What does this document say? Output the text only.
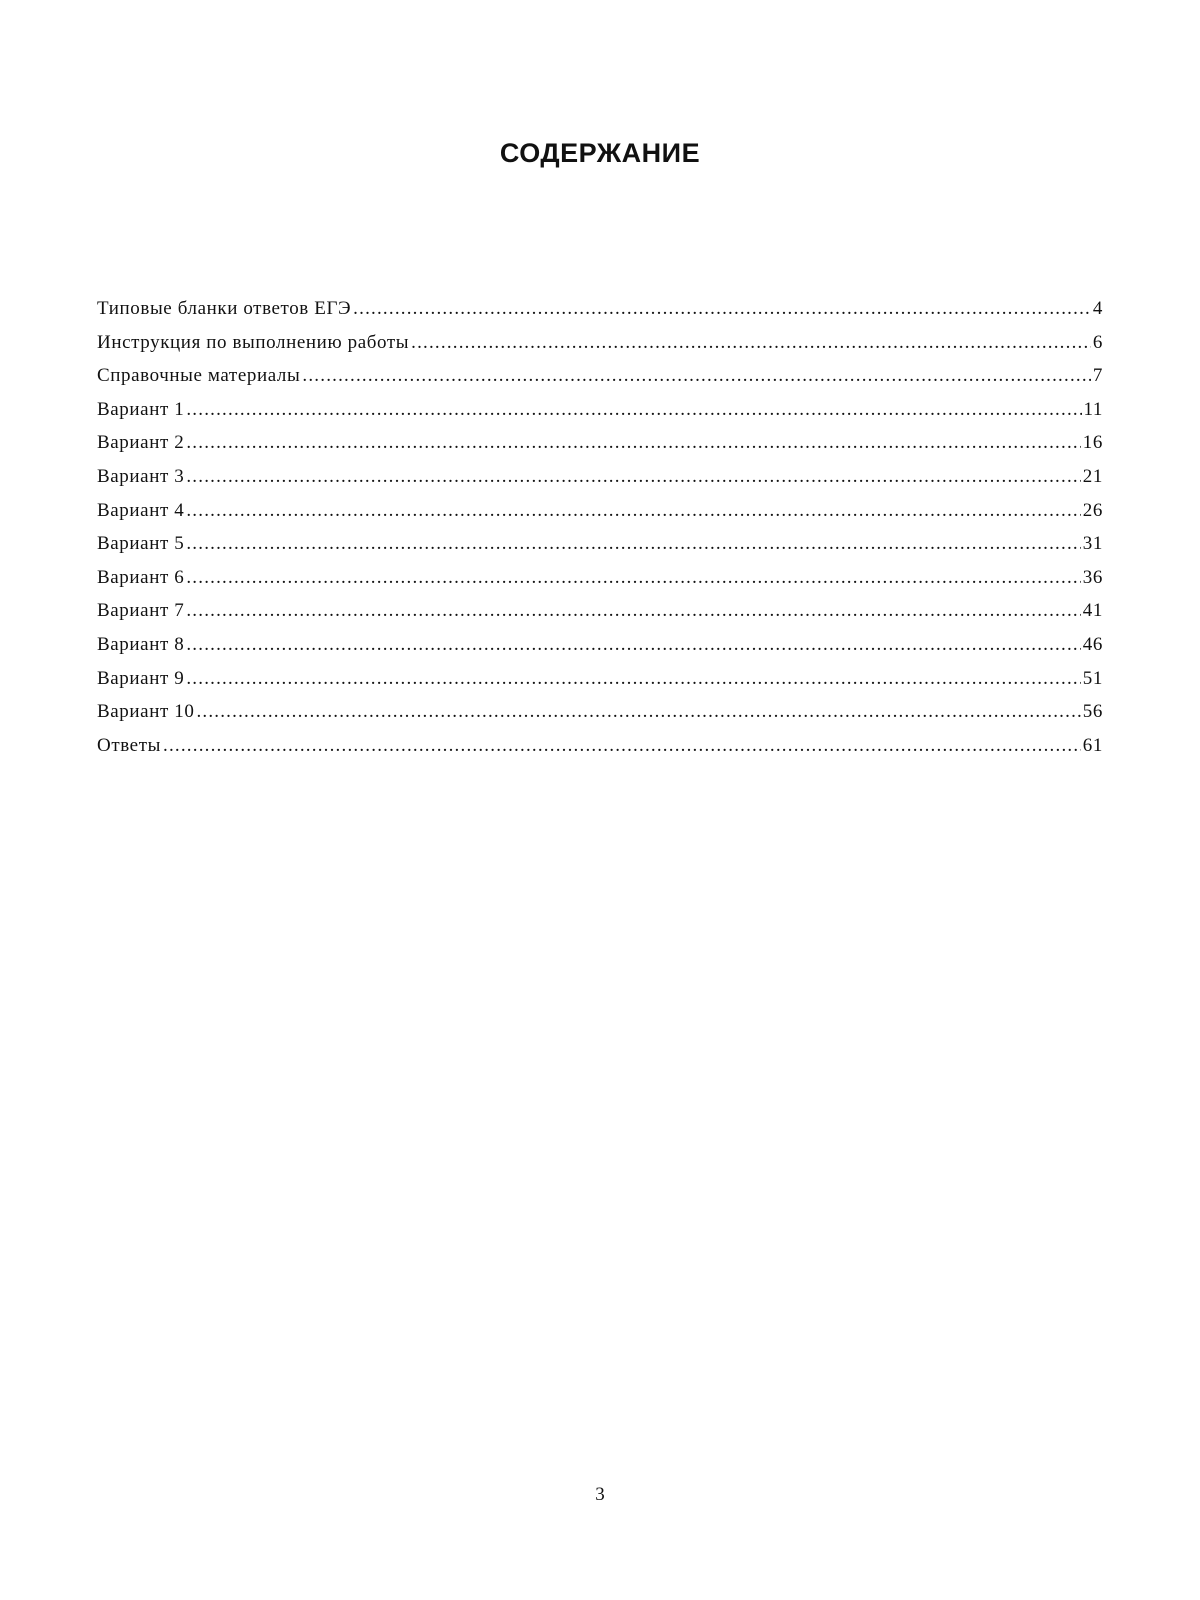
СОДЕРЖАНИЕ
Типовые бланки ответов ЕГЭ .....	4
Инструкция по выполнению работы .....	6
Справочные материалы .....	7
Вариант 1 .....	11
Вариант 2 .....	16
Вариант 3 .....	21
Вариант 4 .....	26
Вариант 5 .....	31
Вариант 6 .....	36
Вариант 7 .....	41
Вариант 8 .....	46
Вариант 9 .....	51
Вариант 10 .....	56
Ответы .....	61
3
